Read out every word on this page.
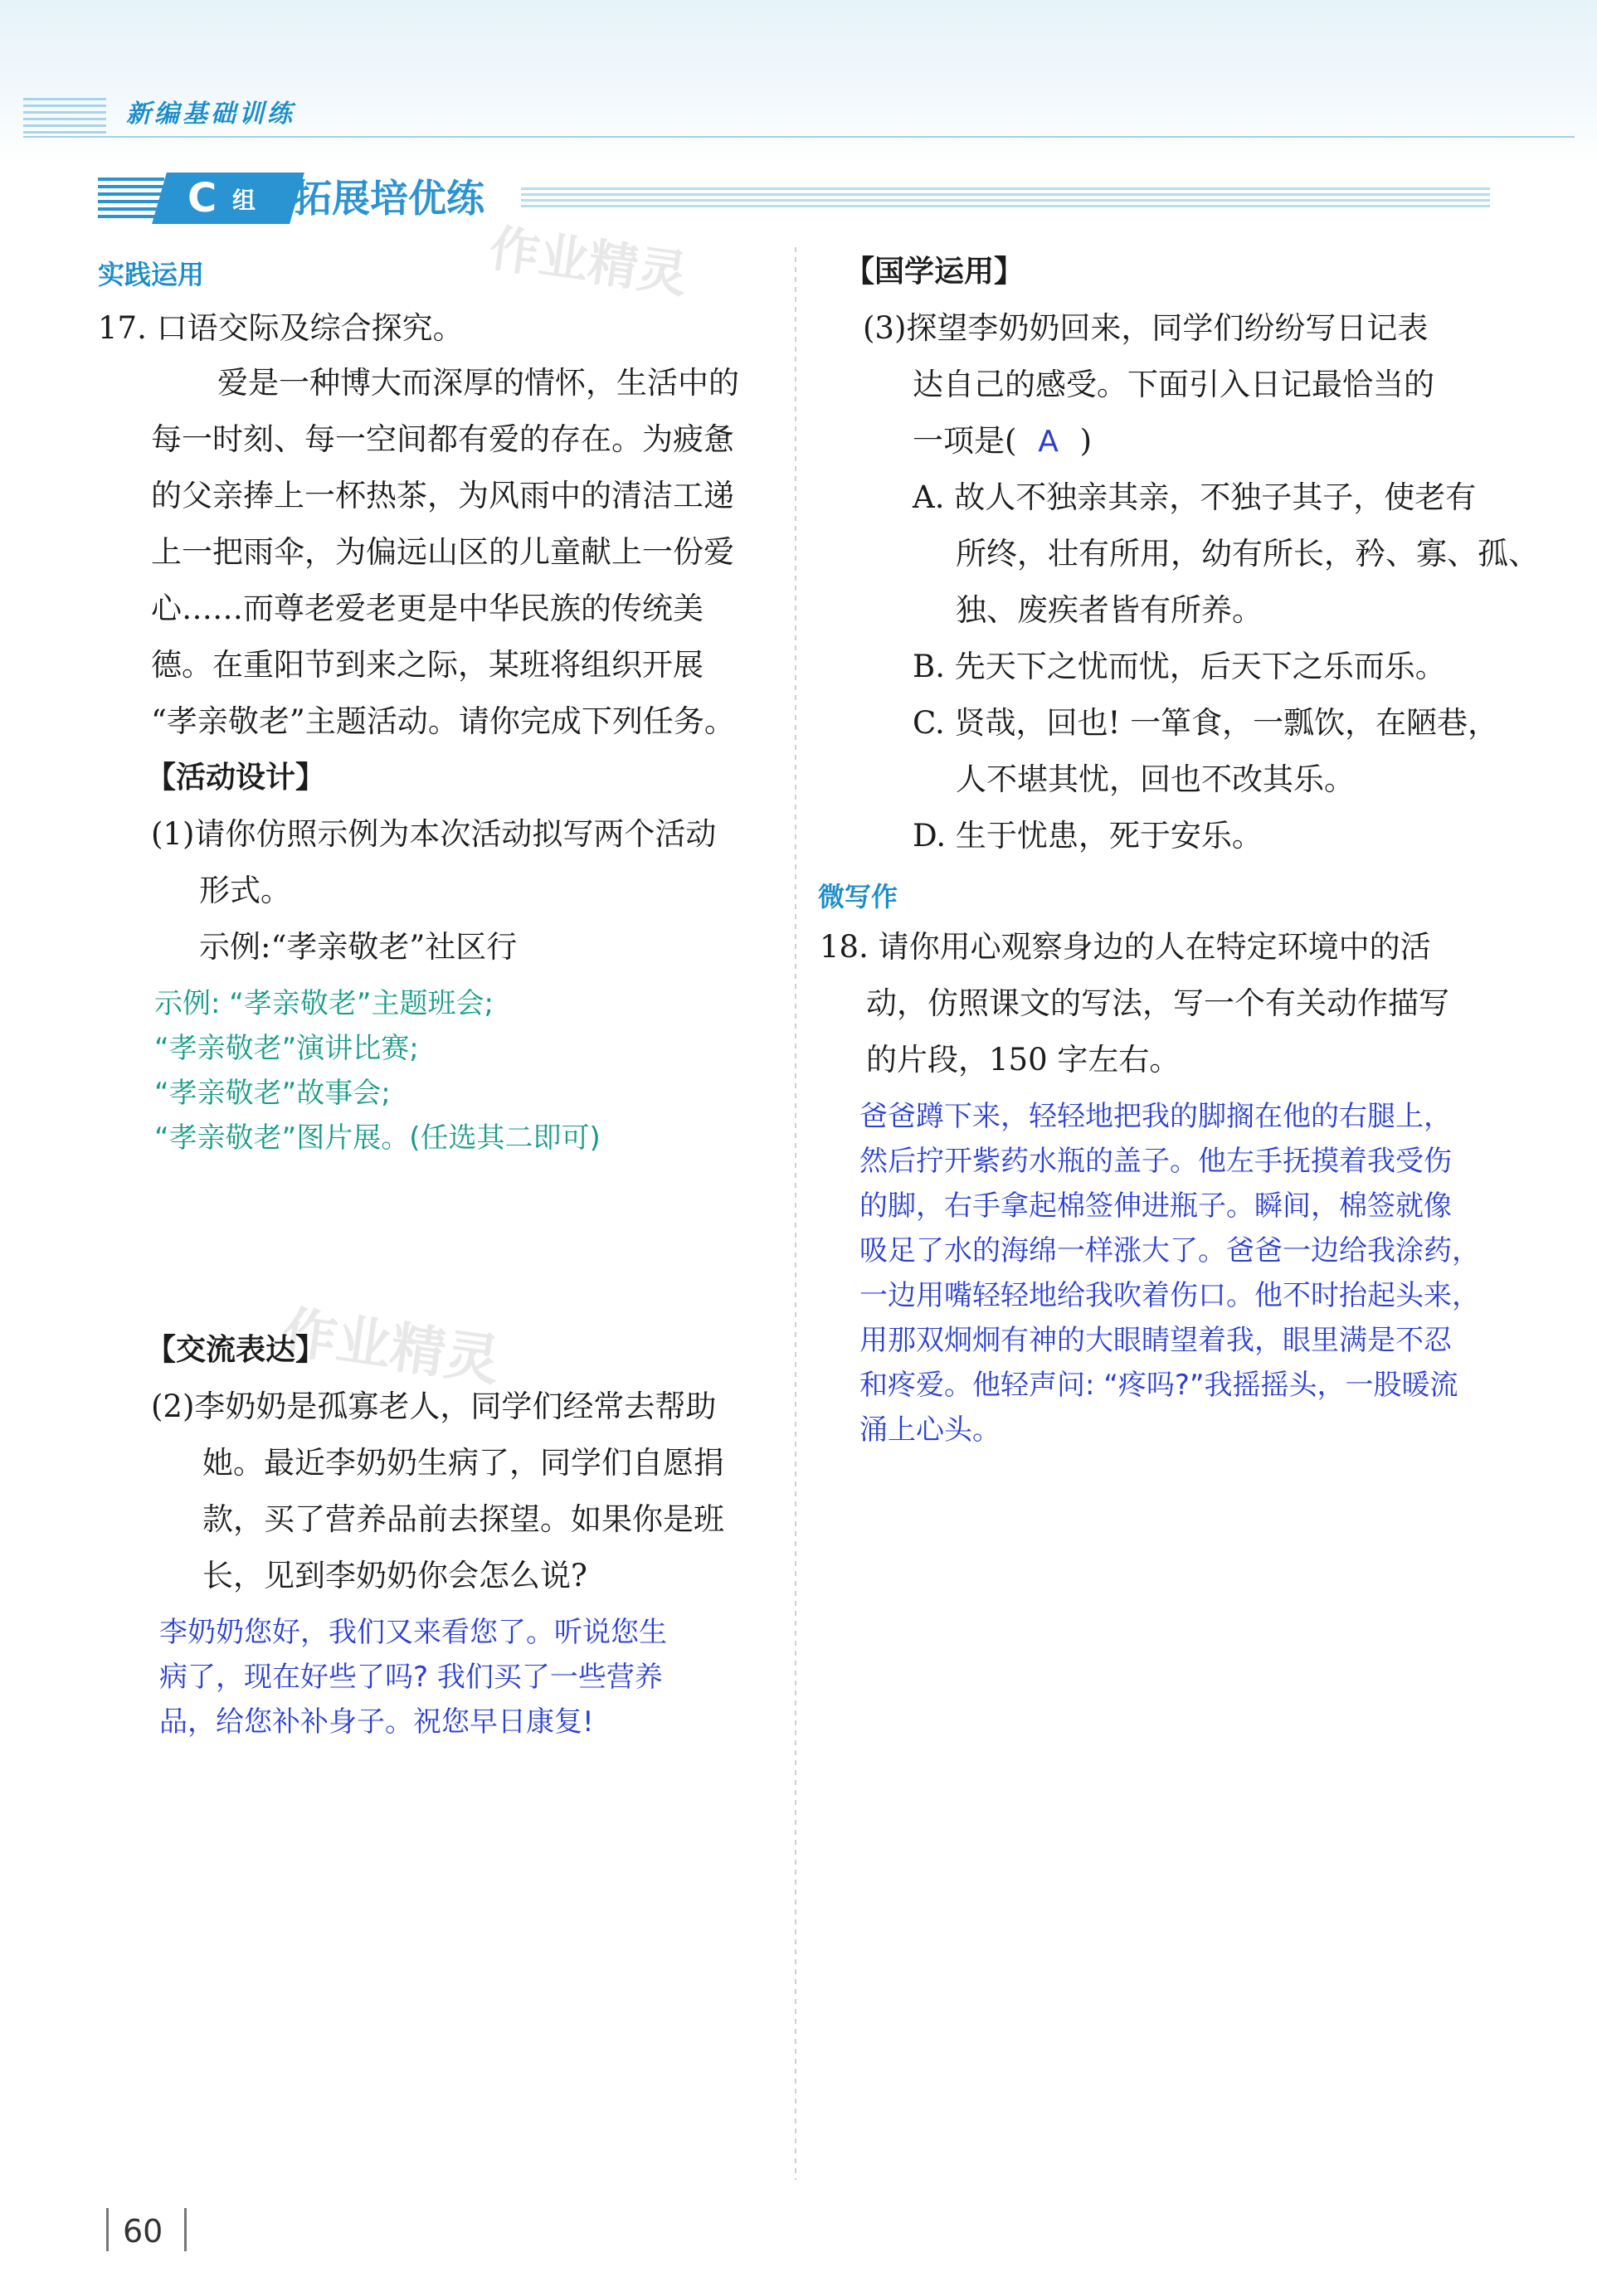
新编基础训练
C 组 拓展培优练
作业精灵
作业精灵
实践运用
17. 口语交际及综合探究。
爱是一种博大而深厚的情怀，生活中的
每一时刻、每一空间都有爱的存在。为疲惫
的父亲捧上一杯热茶，为风雨中的清洁工递
上一把雨伞，为偏远山区的儿童献上一份爱
心……而尊老爱老更是中华民族的传统美
德。在重阳节到来之际，某班将组织开展
“孝亲敬老”主题活动。请你完成下列任务。
【活动设计】
(1)请你仿照示例为本次活动拟写两个活动
形式。
示例:“孝亲敬老”社区行
示例: “孝亲敬老”主题班会;
“孝亲敬老”演讲比赛;
“孝亲敬老”故事会;
“孝亲敬老”图片展。(任选其二即可)
【交流表达】
(2)李奶奶是孤寡老人，同学们经常去帮助
她。最近李奶奶生病了，同学们自愿捐
款，买了营养品前去探望。如果你是班
长，见到李奶奶你会怎么说?
李奶奶您好，我们又来看您了。听说您生
病了，现在好些了吗? 我们买了一些营养
品，给您补补身子。祝您早日康复!
【国学运用】
(3)探望李奶奶回来，同学们纷纷写日记表
达自己的感受。下面引入日记最恰当的
一项是( A )
A. 故人不独亲其亲，不独子其子，使老有
所终，壮有所用，幼有所长，矜、寡、孤、
独、废疾者皆有所养。
B. 先天下之忧而忧，后天下之乐而乐。
C. 贤哉，回也! 一箪食，一瓢饮，在陋巷，
人不堪其忧，回也不改其乐。
D. 生于忧患，死于安乐。
微写作
18. 请你用心观察身边的人在特定环境中的活
动，仿照课文的写法，写一个有关动作描写
的片段，150 字左右。
爸爸蹲下来，轻轻地把我的脚搁在他的右腿上，
然后拧开紫药水瓶的盖子。他左手抚摸着我受伤
的脚，右手拿起棉签伸进瓶子。瞬间，棉签就像
吸足了水的海绵一样涨大了。爸爸一边给我涂药，
一边用嘴轻轻地给我吹着伤口。他不时抬起头来，
用那双炯炯有神的大眼睛望着我，眼里满是不忍
和疼爱。他轻声问: “疼吗?”我摇摇头，一股暖流
涌上心头。
60
